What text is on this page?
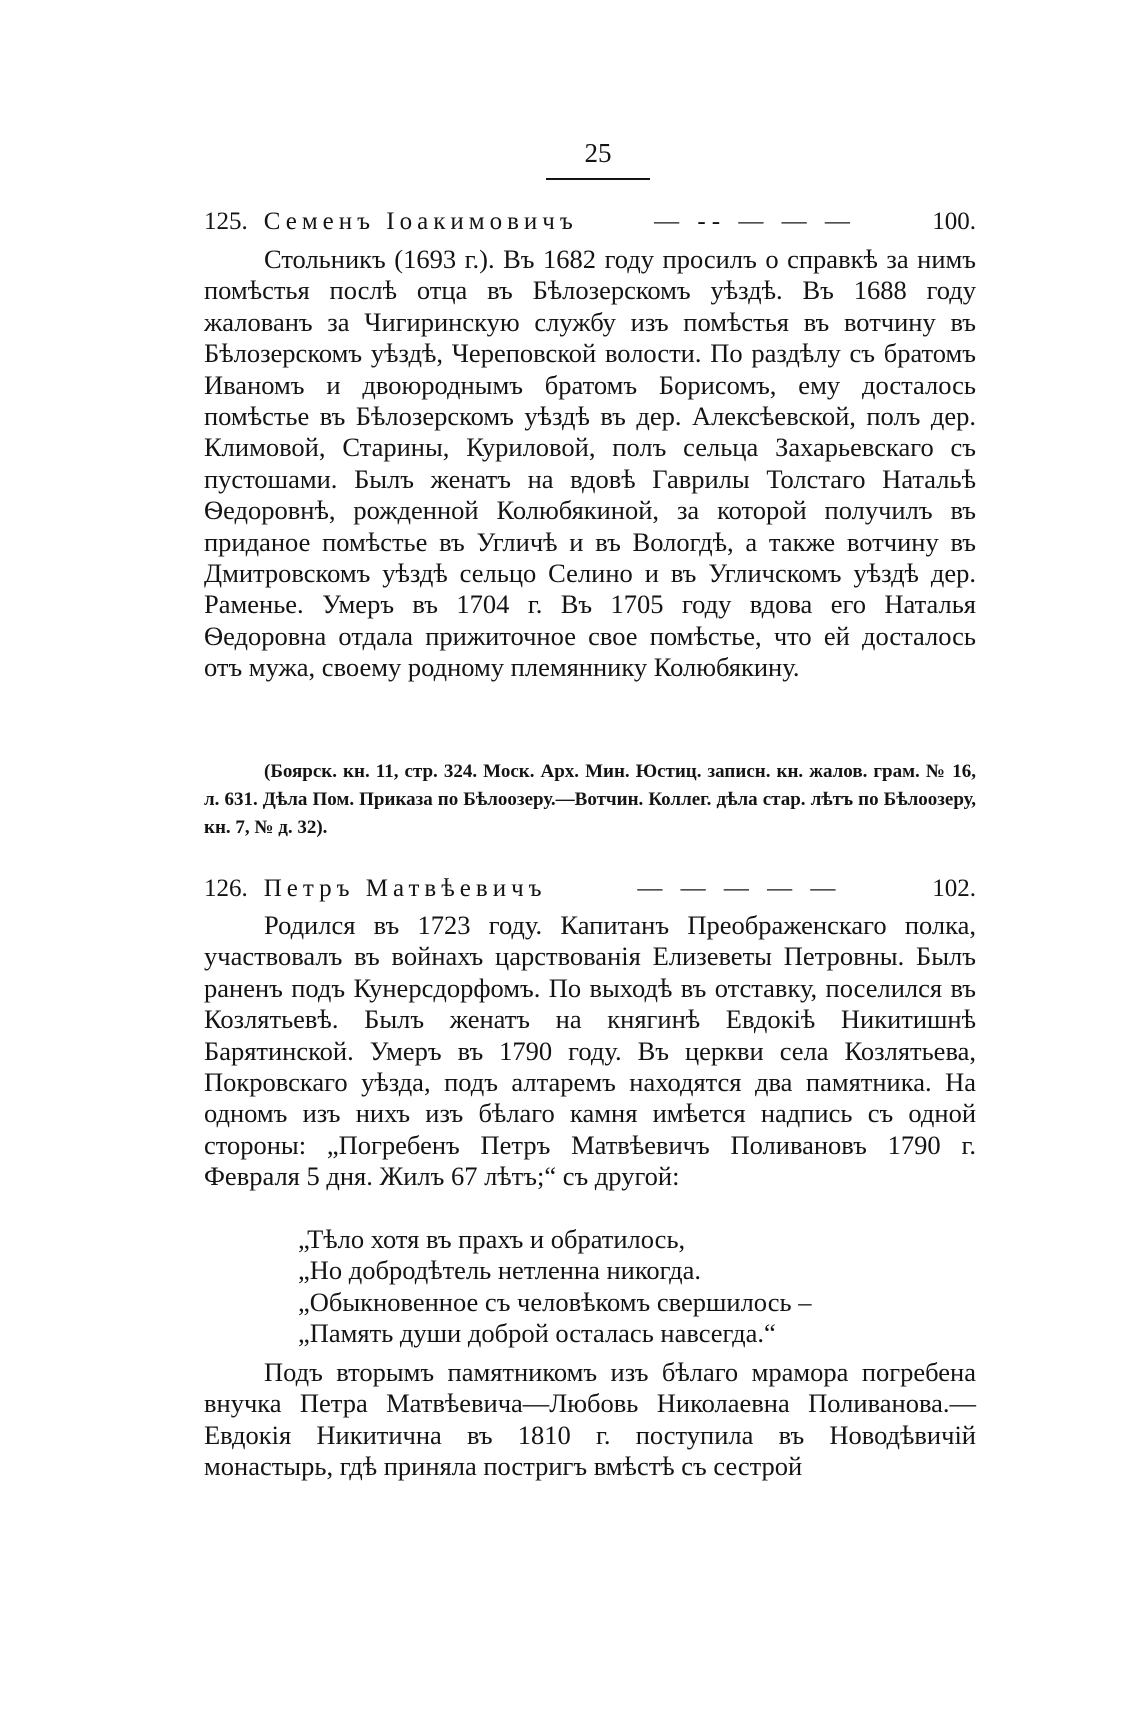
25
125. Семенъ Іоакимовичъ	— -- — — —	100.

Стольникъ (1693 г.). Въ 1682 году просилъ о справкѣ за нимъ помѣстья послѣ отца въ Бѣлозерскомъ уѣздѣ. Въ 1688 году жалованъ за Чигиринскую службу изъ помѣстья въ вотчину въ Бѣлозерскомъ уѣздѣ, Череповской волости. По раздѣлу съ братомъ Иваномъ и двоюроднымъ братомъ Борисомъ, ему досталось помѣстье въ Бѣлозерскомъ уѣздѣ въ дер. Алексѣевской, полъ дер. Климовой, Старины, Куриловой, полъ сельца Захарьевскаго съ пустошами. Былъ женатъ на вдовѣ Гаврилы Толстаго Натальѣ Ѳедоровнѣ, рожденной Колюбякиной, за которой получилъ въ приданое помѣстье въ Угличѣ и въ Вологдѣ, а также вотчину въ Дмитровскомъ уѣздѣ сельцо Селино и въ Угличскомъ уѣздѣ дер. Раменье. Умеръ въ 1704 г. Въ 1705 году вдова его Наталья Ѳедоровна отдала прижиточное свое помѣстье, что ей досталось отъ мужа, своему родному племяннику Колюбякину.

(Боярск. кн. 11, стр. 324. Моск. Арх. Мин. Юстиц. записн. кн. жалов. грам. № 16, л. 631. Дѣла Пом. Приказа по Бѣлоозеру.—Вотчин. Коллег. дѣла стар. лѣтъ по Бѣлоозеру, кн. 7, № д. 32).

126. Петръ Матвѣевичъ	— — — — —	102.

Родился въ 1723 году. Капитанъ Преображенскаго полка, участвовалъ въ войнахъ царствованія Елизеветы Петровны. Былъ раненъ подъ Кунерсдорфомъ. По выходѣ въ отставку, поселился въ Козлятьевѣ. Былъ женатъ на княгинѣ Евдокіѣ Никитишнѣ Барятинской. Умеръ въ 1790 году. Въ церкви села Козлятьева, Покровскаго уѣзда, подъ алтаремъ находятся два памятника. На одномъ изъ нихъ изъ бѣлаго камня имѣется надпись съ одной стороны: „Погребенъ Петръ Матвѣевичъ Поливановъ 1790 г. Февраля 5 дня. Жилъ 67 лѣтъ;“ съ другой:

„Тѣло хотя въ прахъ и обратилось,
„Но добродѣтель нетленна никогда.
„Обыкновенное съ человѣкомъ свершилось –
„Память души доброй осталась навсегда.“

Подъ вторымъ памятникомъ изъ бѣлаго мрамора погребена внучка Петра Матвѣевича—Любовь Николаевна Поливанова.—Евдокія Никитична въ 1810 г. поступила въ Новодѣвичій монастырь, гдѣ приняла постригъ вмѣстѣ съ сестрой
